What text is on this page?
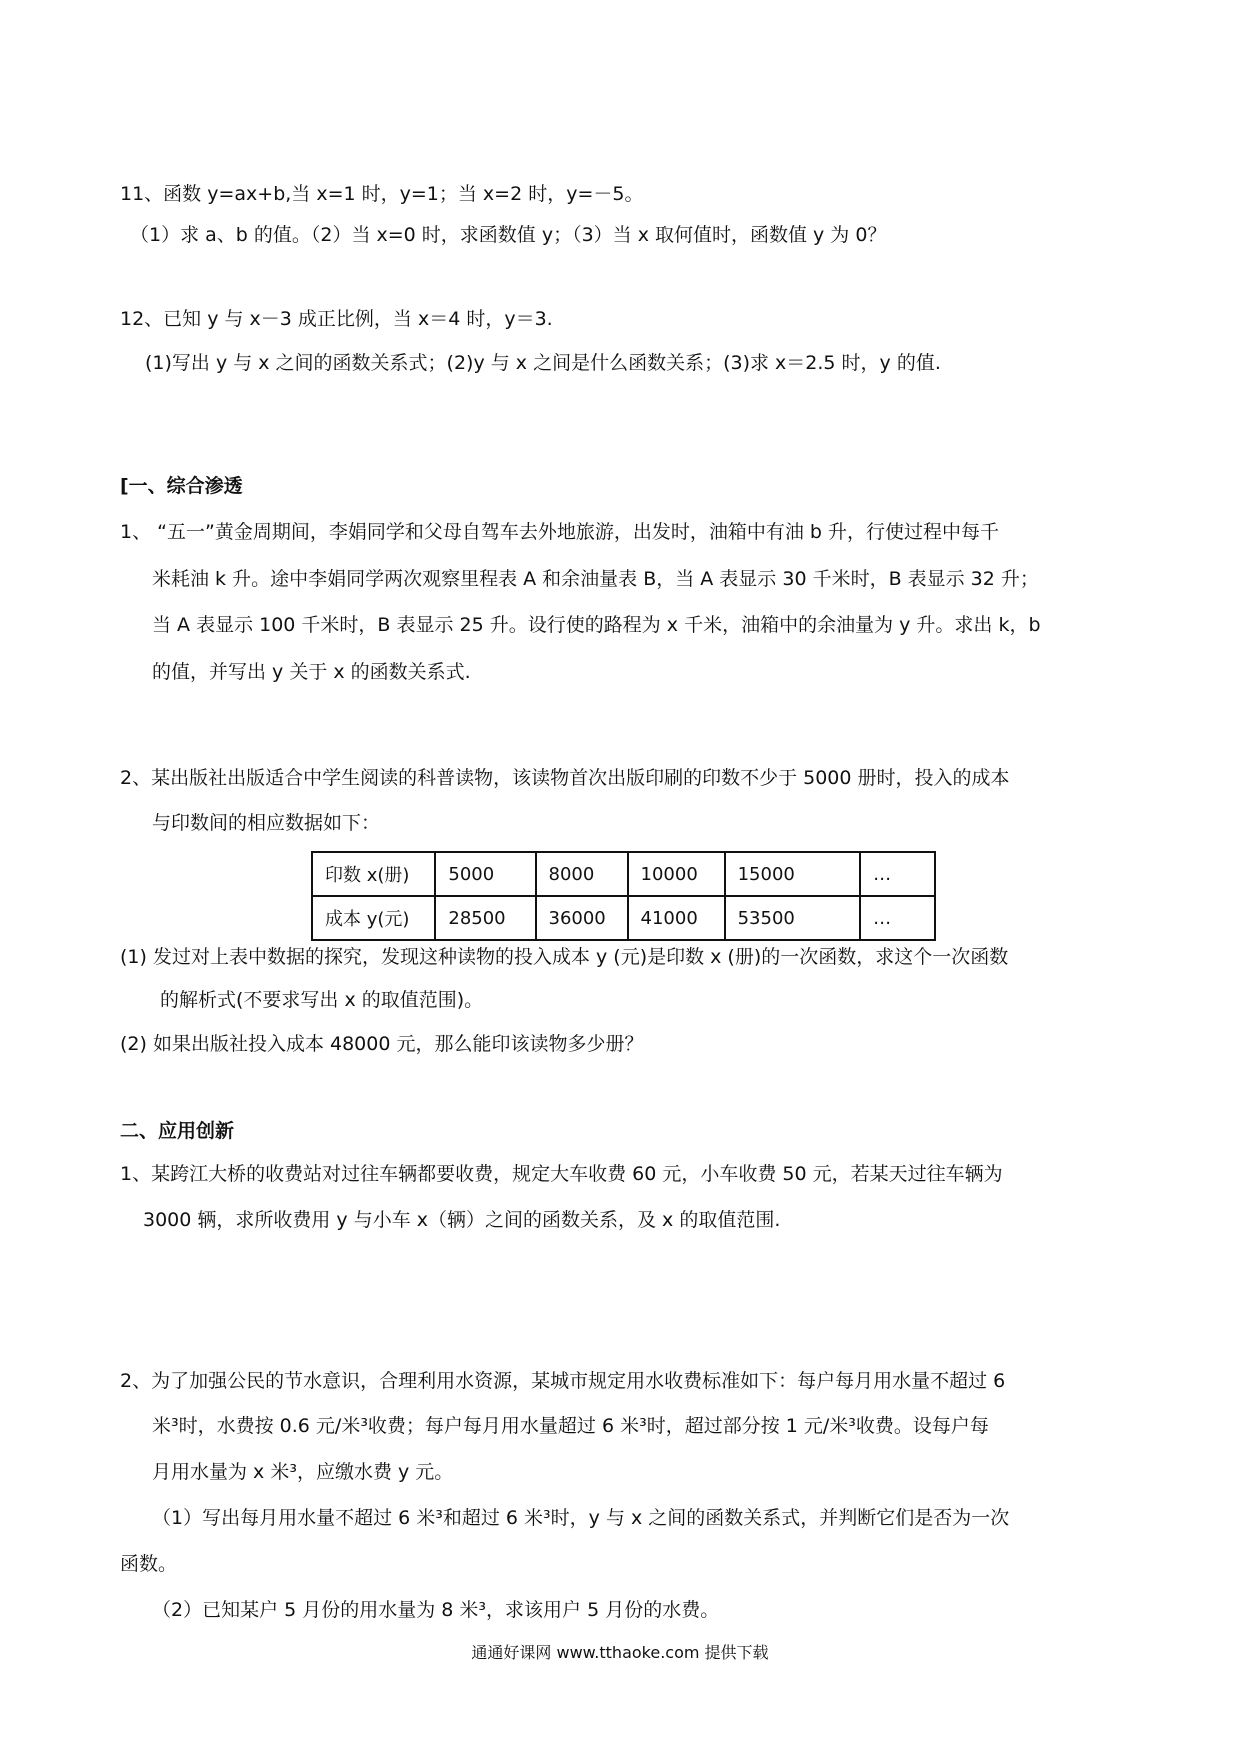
11、函数 y=ax+b,当 x=1 时，y=1；当 x=2 时，y=－5。
（1）求 a、b 的值。（2）当 x=0 时，求函数值 y；（3）当 x 取何值时，函数值 y 为 0？
12、已知 y 与 x－3 成正比例，当 x＝4 时，y＝3.
(1)写出 y 与 x 之间的函数关系式；(2)y 与 x 之间是什么函数关系；(3)求 x＝2.5 时，y 的值.
[一、综合渗透
1、 “五一”黄金周期间，李娟同学和父母自驾车去外地旅游，出发时，油箱中有油 b 升，行使过程中每千
米耗油 k 升。途中李娟同学两次观察里程表 A 和余油量表 B，当 A 表显示 30 千米时，B 表显示 32 升；
当 A 表显示 100 千米时，B 表显示 25 升。设行使的路程为 x 千米，油箱中的余油量为 y 升。求出 k，b
的值，并写出 y 关于 x 的函数关系式.
2、某出版社出版适合中学生阅读的科普读物，该读物首次出版印刷的印数不少于 5000 册时，投入的成本
与印数间的相应数据如下：
印数 x(册)	5000	8000	10000	15000	…
成本 y(元)	28500	36000	41000	53500	…
(1) 发过对上表中数据的探究，发现这种读物的投入成本 y (元)是印数 x (册)的一次函数，求这个一次函数
的解析式(不要求写出 x 的取值范围)。
(2) 如果出版社投入成本 48000 元，那么能印该读物多少册？
二、应用创新
1、某跨江大桥的收费站对过往车辆都要收费，规定大车收费 60 元，小车收费 50 元，若某天过往车辆为
3000 辆，求所收费用 y 与小车 x（辆）之间的函数关系，及 x 的取值范围.
2、为了加强公民的节水意识，合理利用水资源，某城市规定用水收费标准如下：每户每月用水量不超过 6
米³时，水费按 0.6 元/米³收费；每户每月用水量超过 6 米³时，超过部分按 1 元/米³收费。设每户每
月用水量为 x 米³，应缴水费 y 元。
（1）写出每月用水量不超过 6 米³和超过 6 米³时，y 与 x 之间的函数关系式，并判断它们是否为一次
函数。
（2）已知某户 5 月份的用水量为 8 米³，求该用户 5 月份的水费。
通通好课网 www.tthaoke.com 提供下载
